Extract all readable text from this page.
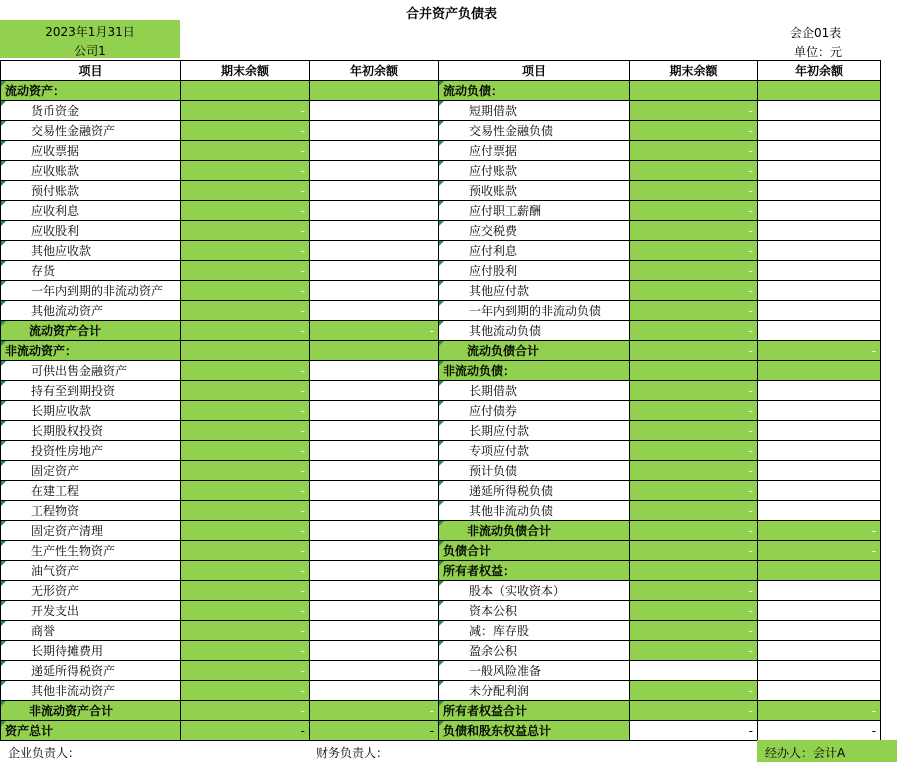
合并资产负债表
2023年1月31日
公司1
会企01表
单位：元
项目	期末余额	年初余额	项目	期末余额	年初余额
流动资产：			流动负债：		
货币资金	-		短期借款	-	
交易性金融资产	-		交易性金融负债	-	
应收票据	-		应付票据	-	
应收账款	-		应付账款	-	
预付账款	-		预收账款	-	
应收利息	-		应付职工薪酬	-	
应收股利	-		应交税费	-	
其他应收款	-		应付利息	-	
存货	-		应付股利	-	
一年内到期的非流动资产	-		其他应付款	-	
其他流动资产	-		一年内到期的非流动负债	-	
流动资产合计	-	-	其他流动负债	-	
非流动资产：			流动负债合计	-	-
可供出售金融资产	-		非流动负债：		
持有至到期投资	-		长期借款	-	
长期应收款	-		应付债券	-	
长期股权投资	-		长期应付款	-	
投资性房地产	-		专项应付款	-	
固定资产	-		预计负债	-	
在建工程	-		递延所得税负债	-	
工程物资	-		其他非流动负债	-	
固定资产清理	-		非流动负债合计	-	-
生产性生物资产	-		负债合计	-	-
油气资产	-		所有者权益：		
无形资产	-		股本（实收资本）	-	
开发支出	-		资本公积	-	
商誉	-		减：库存股	-	
长期待摊费用	-		盈余公积	-	
递延所得税资产	-		一般风险准备		
其他非流动资产	-		未分配利润	-	
非流动资产合计	-	-	所有者权益合计	-	-
资产总计	-	-	负债和股东权益总计	-	-
企业负责人：	财务负责人：	经办人：会计A
